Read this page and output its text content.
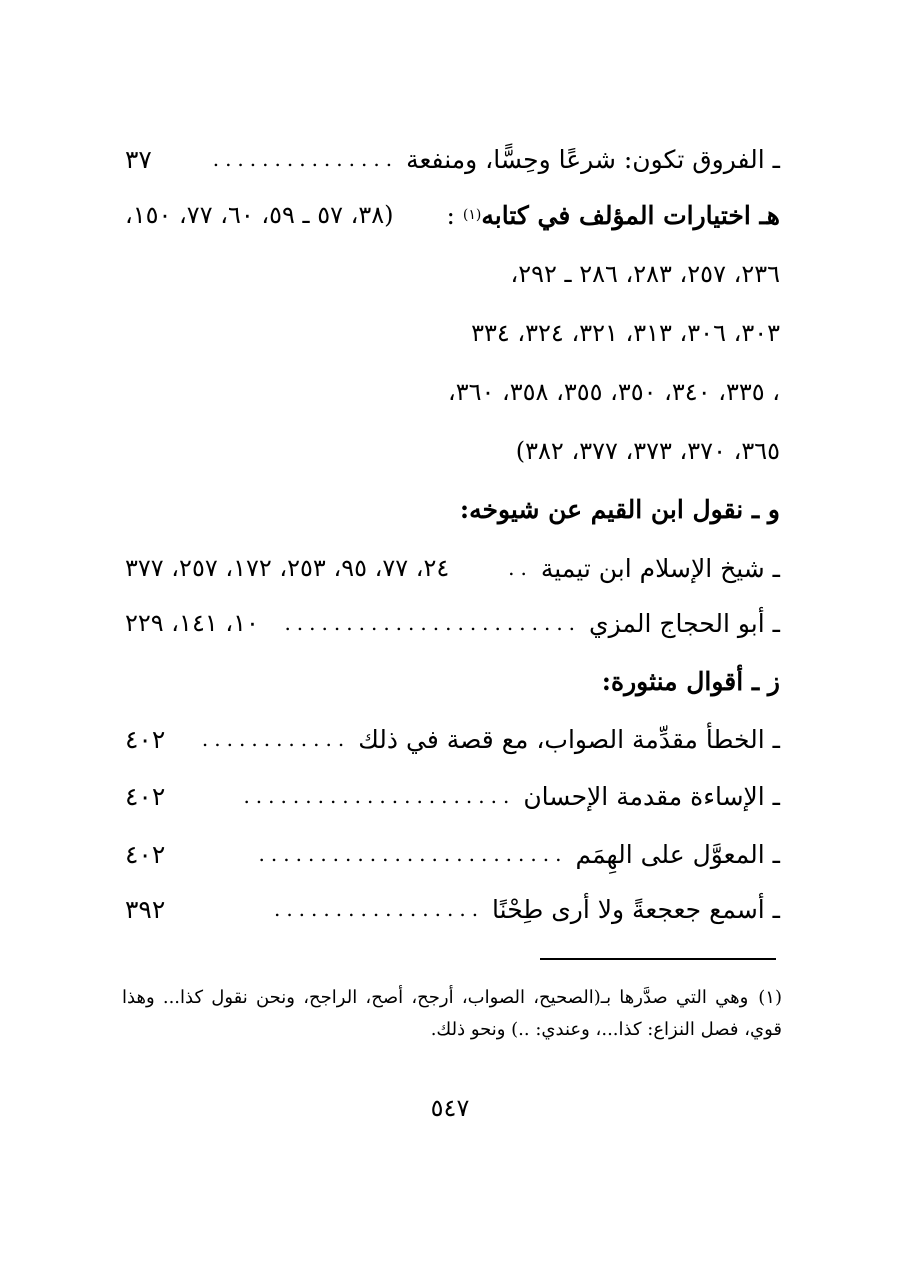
ـ الفروق تكون: شرعًا وحِسًّا، ومنفعة
...............
٣٧
هـ اختيارات المؤلف في كتابه
(١)
:
(٣٨، ٥٧ ـ ٥٩، ٦٠، ٧٧، ١٥٠،
٢٣٦، ٢٥٧، ٢٨٣، ٢٨٦ ـ ٢٩٢،
٣٠٣، ٣٠٦، ٣١٣، ٣٢١، ٣٢٤، ٣٣٤
، ٣٣٥، ٣٤٠، ٣٥٠، ٣٥٥، ٣٥٨، ٣٦٠،
٣٦٥، ٣٧٠، ٣٧٣، ٣٧٧، ٣٨٢)
و ـ نقول ابن القيم عن شيوخه:
ـ شيخ الإسلام ابن تيمية
..
٢٤، ٧٧، ٩٥، ٢٥٣، ١٧٢، ٢٥٧، ٣٧٧
ـ أبو الحجاج المزي
........................
١٠، ١٤١، ٢٢٩
ز ـ أقوال منثورة:
ـ الخطأ مقدِّمة الصواب، مع قصة في ذلك
............
٤٠٢
ـ الإساءة مقدمة الإحسان
......................
٤٠٢
ـ المعوَّل على الهِمَم
.........................
٤٠٢
ـ أسمع جعجعةً ولا أرى طِحْنًا
.................
٣٩٢
(١)وهي التي صدَّرها بـ(الصحيح، الصواب، أرجح، أصح، الراجح، ونحن نقول كذا... وهذا قوي، فصل النزاع: كذا...، وعندي: ..) ونحو ذلك.
٥٤٧
